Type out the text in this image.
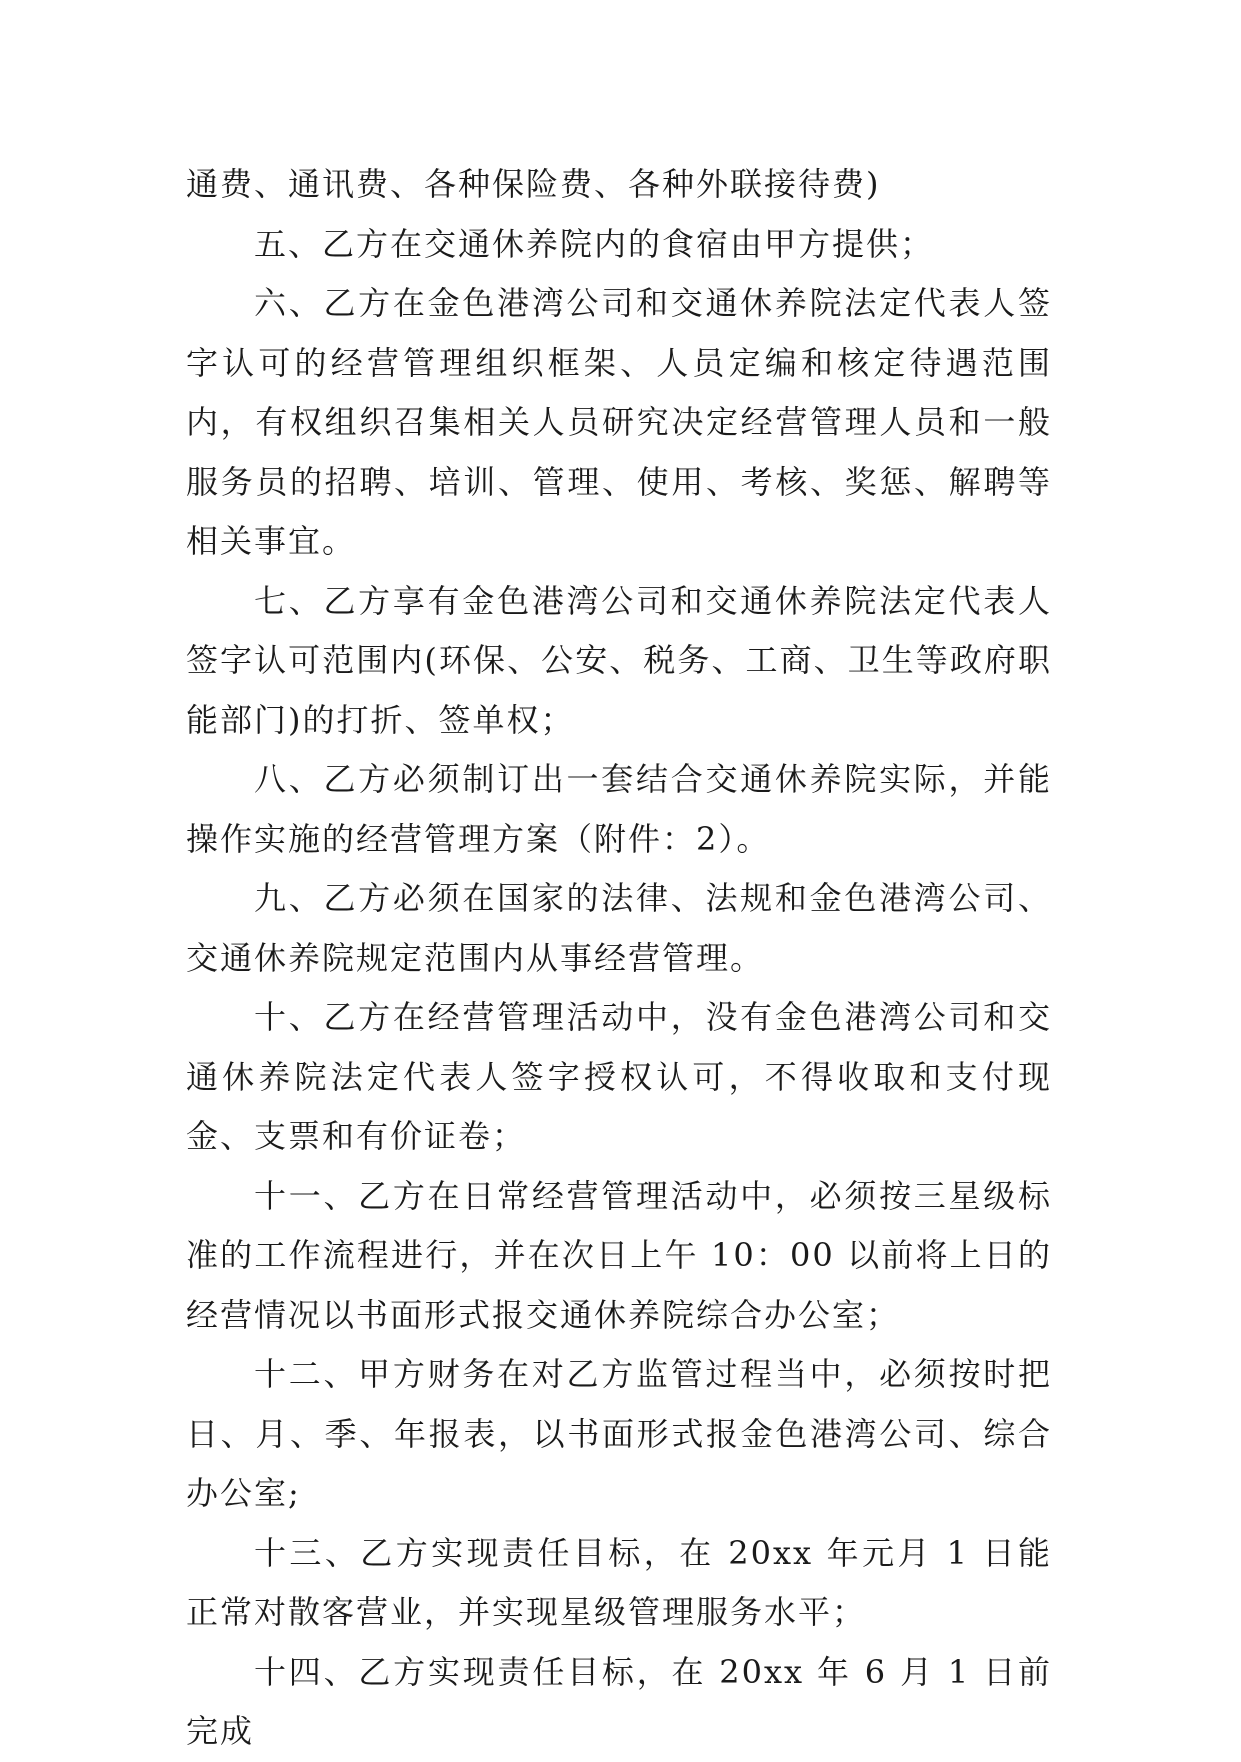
通费、通讯费、各种保险费、各种外联接待费)

五、乙方在交通休养院内的食宿由甲方提供；

六、乙方在金色港湾公司和交通休养院法定代表人签字认可的经营管理组织框架、人员定编和核定待遇范围内，有权组织召集相关人员研究决定经营管理人员和一般服务员的招聘、培训、管理、使用、考核、奖惩、解聘等相关事宜。

七、乙方享有金色港湾公司和交通休养院法定代表人签字认可范围内(环保、公安、税务、工商、卫生等政府职能部门)的打折、签单权；

八、乙方必须制订出一套结合交通休养院实际，并能操作实施的经营管理方案（附件：2）。

九、乙方必须在国家的法律、法规和金色港湾公司、交通休养院规定范围内从事经营管理。

十、乙方在经营管理活动中，没有金色港湾公司和交通休养院法定代表人签字授权认可，不得收取和支付现金、支票和有价证卷；

十一、乙方在日常经营管理活动中，必须按三星级标准的工作流程进行，并在次日上午 10：00 以前将上日的经营情况以书面形式报交通休养院综合办公室；

十二、甲方财务在对乙方监管过程当中，必须按时把日、月、季、年报表，以书面形式报金色港湾公司、综合办公室;

十三、乙方实现责任目标，在 20xx 年元月 1 日能正常对散客营业，并实现星级管理服务水平；

十四、乙方实现责任目标，在 20xx 年 6 月 1 日前完成
